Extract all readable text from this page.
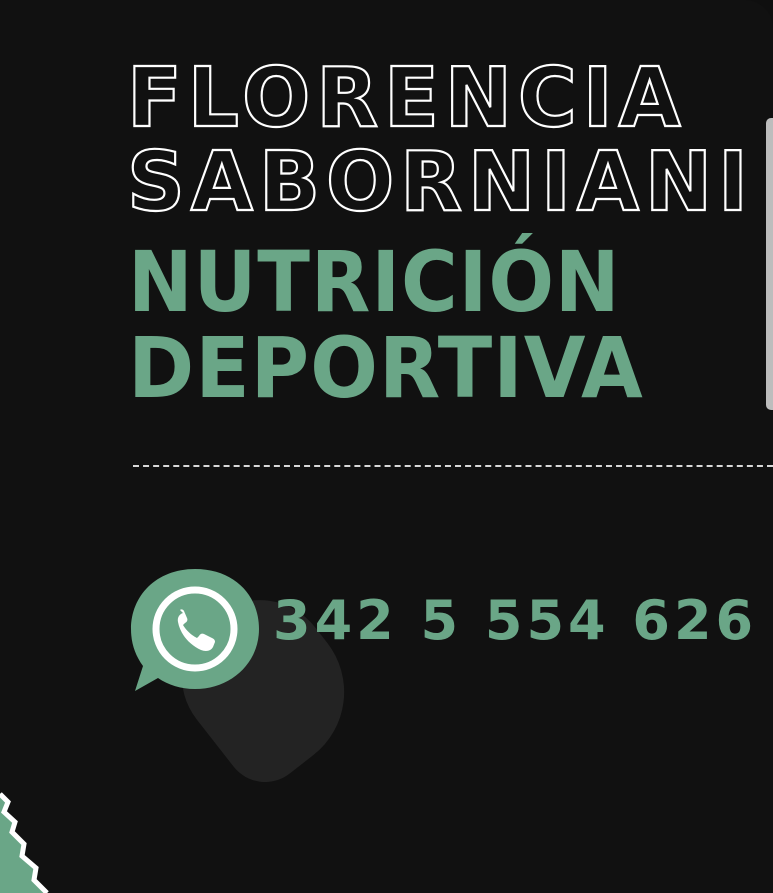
FLORENCIA
SABORNIANI
NUTRICIÓN
DEPORTIVA

342 5 554 626
